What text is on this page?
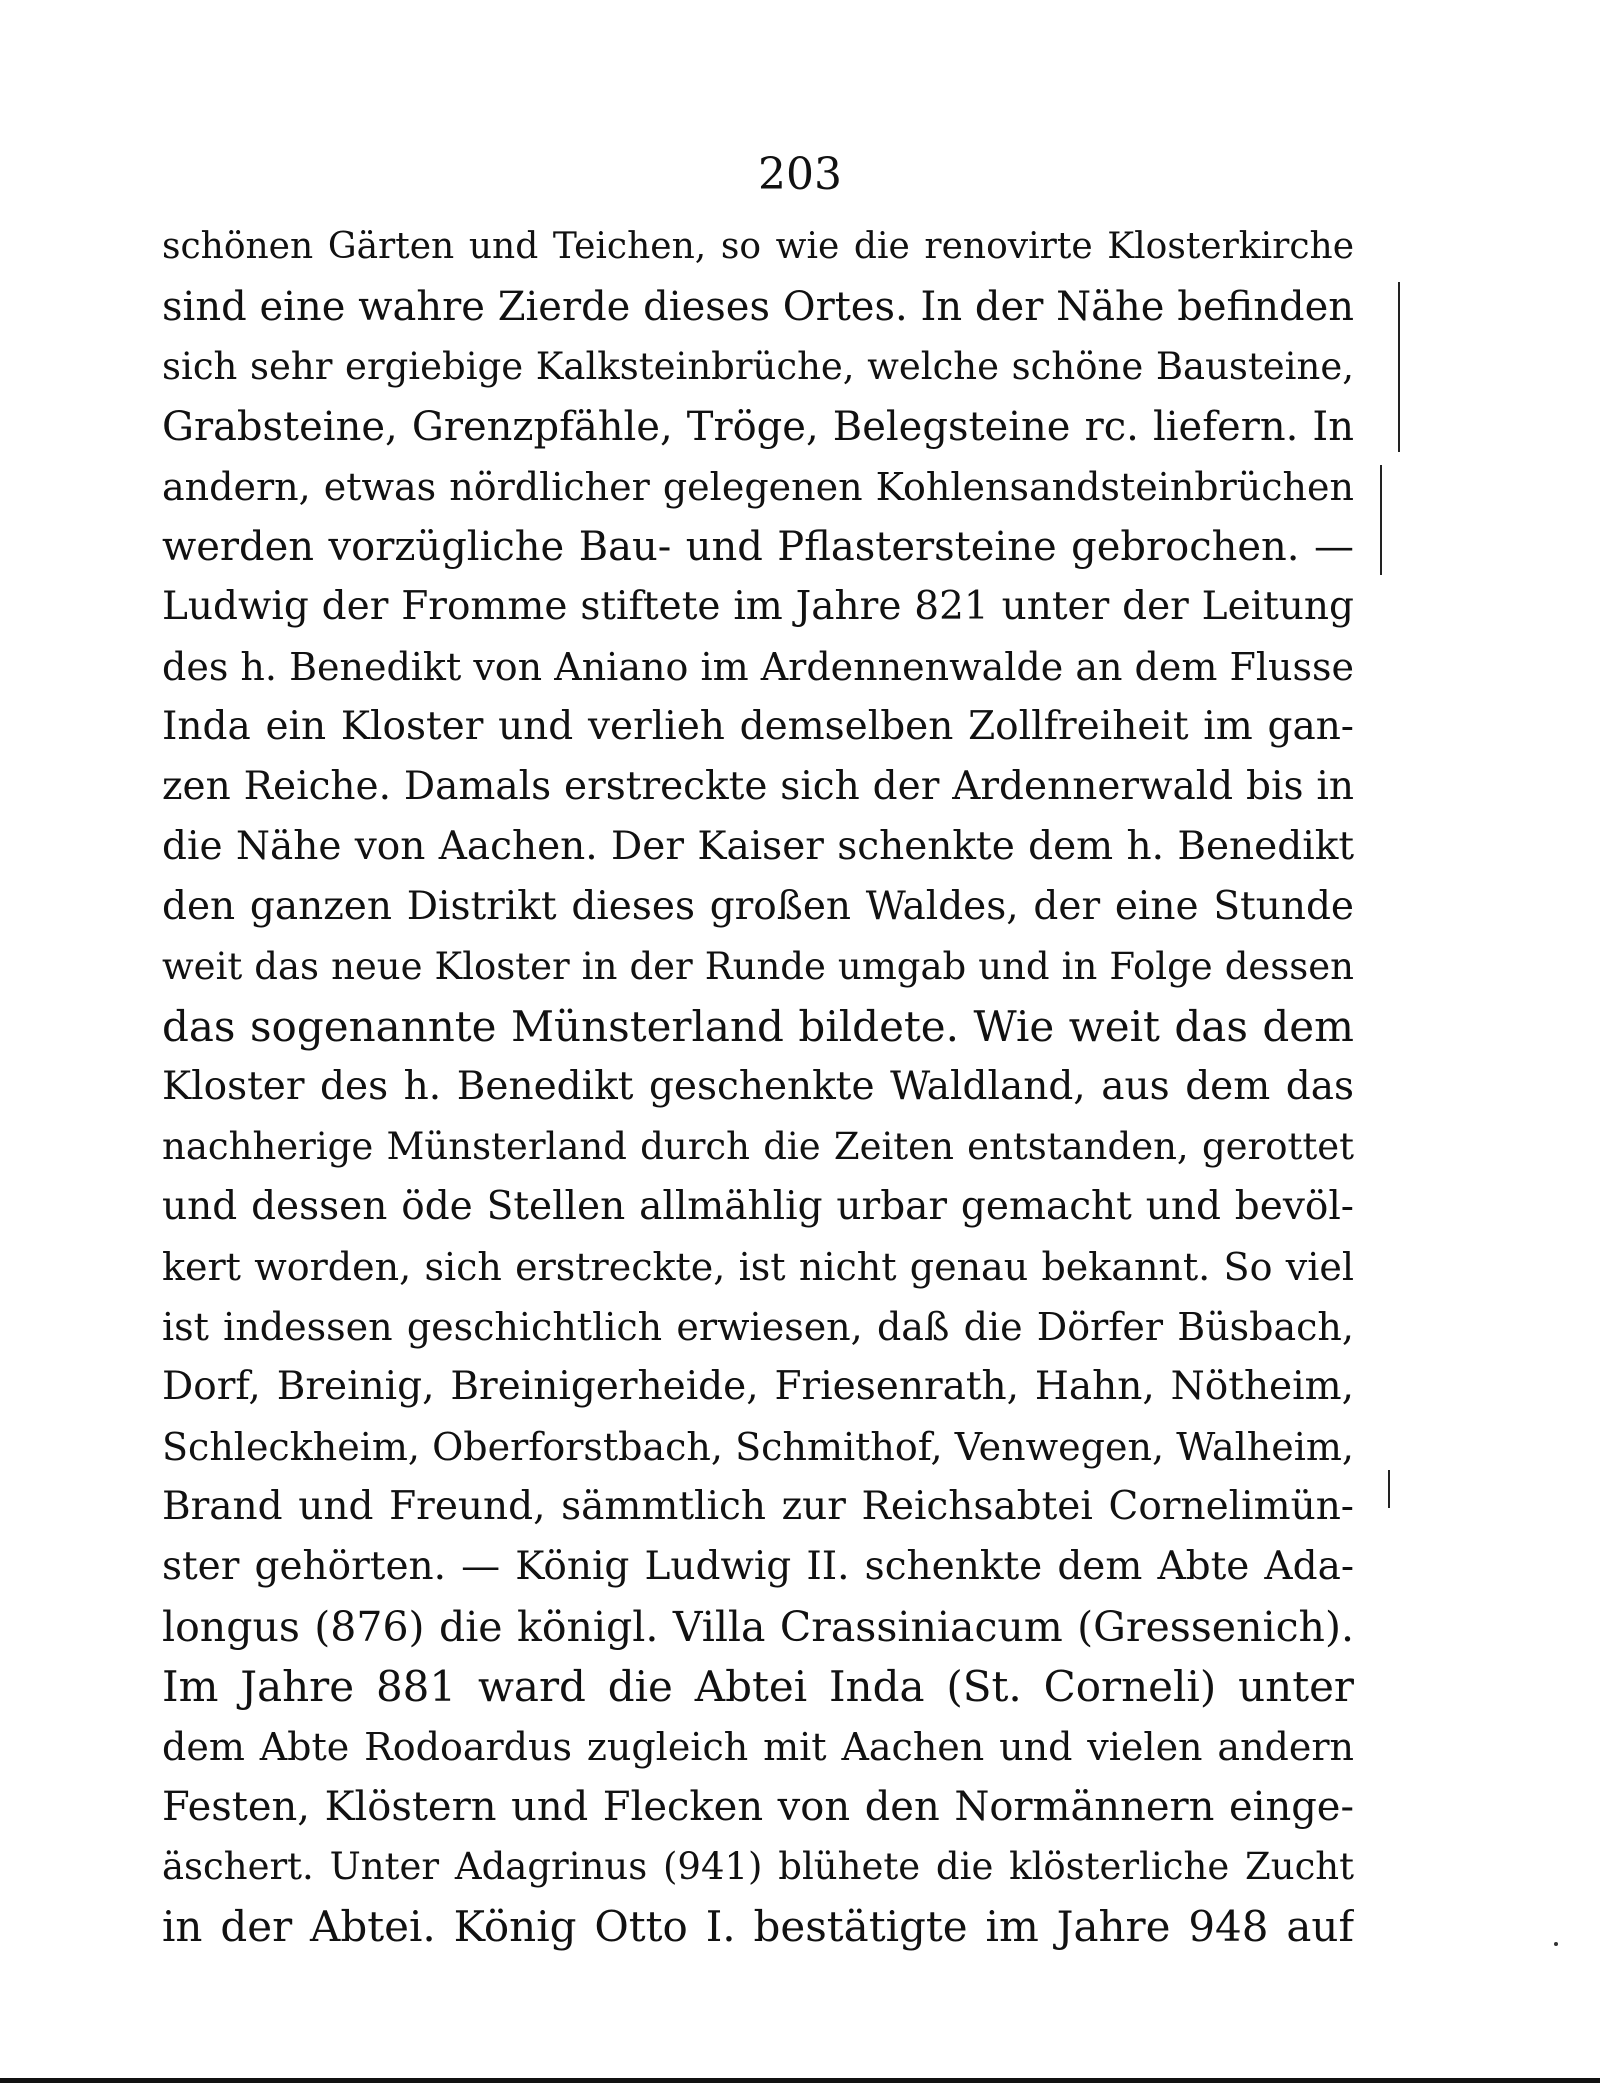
203
schönen Gärten und Teichen, so wie die renovirte Klosterkirche
sind eine wahre Zierde dieses Ortes. In der Nähe befinden
sich sehr ergiebige Kalksteinbrüche, welche schöne Bausteine,
Grabsteine, Grenzpfähle, Tröge, Belegsteine rc. liefern. In
andern, etwas nördlicher gelegenen Kohlensandsteinbrüchen
werden vorzügliche Bau- und Pflastersteine gebrochen. —
Ludwig der Fromme stiftete im Jahre 821 unter der Leitung
des h. Benedikt von Aniano im Ardennenwalde an dem Flusse
Inda ein Kloster und verlieh demselben Zollfreiheit im gan-
zen Reiche. Damals erstreckte sich der Ardennerwald bis in
die Nähe von Aachen. Der Kaiser schenkte dem h. Benedikt
den ganzen Distrikt dieses großen Waldes, der eine Stunde
weit das neue Kloster in der Runde umgab und in Folge dessen
das sogenannte Münsterland bildete. Wie weit das dem
Kloster des h. Benedikt geschenkte Waldland, aus dem das
nachherige Münsterland durch die Zeiten entstanden, gerottet
und dessen öde Stellen allmählig urbar gemacht und bevöl-
kert worden, sich erstreckte, ist nicht genau bekannt. So viel
ist indessen geschichtlich erwiesen, daß die Dörfer Büsbach,
Dorf, Breinig, Breinigerheide, Friesenrath, Hahn, Nötheim,
Schleckheim, Oberforstbach, Schmithof, Venwegen, Walheim,
Brand und Freund, sämmtlich zur Reichsabtei Cornelimün-
ster gehörten. — König Ludwig II. schenkte dem Abte Ada-
longus (876) die königl. Villa Crassiniacum (Gressenich).
Im Jahre 881 ward die Abtei Inda (St. Corneli) unter
dem Abte Rodoardus zugleich mit Aachen und vielen andern
Festen, Klöstern und Flecken von den Normännern einge-
äschert. Unter Adagrinus (941) blühete die klösterliche Zucht
in der Abtei. König Otto I. bestätigte im Jahre 948 auf
